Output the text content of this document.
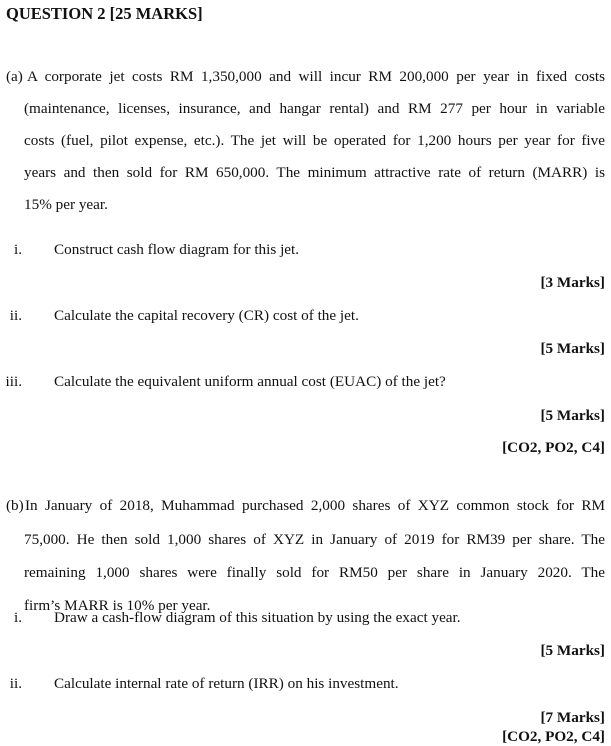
QUESTION 2 [25 MARKS]
(a) A corporate jet costs RM 1,350,000 and will incur RM 200,000 per year in fixed costs
(maintenance, licenses, insurance, and hangar rental) and RM 277 per hour in variable
costs (fuel, pilot expense, etc.). The jet will be operated for 1,200 hours per year for five
years and then sold for RM 650,000. The minimum attractive rate of return (MARR) is
15% per year.
i. Construct cash flow diagram for this jet.
[3 Marks]
ii. Calculate the capital recovery (CR) cost of the jet.
[5 Marks]
iii. Calculate the equivalent uniform annual cost (EUAC) of the jet?
[5 Marks]
[CO2, PO2, C4]
(b) In January of 2018, Muhammad purchased 2,000 shares of XYZ common stock for RM
75,000. He then sold 1,000 shares of XYZ in January of 2019 for RM39 per share. The
remaining 1,000 shares were finally sold for RM50 per share in January 2020. The
firm’s MARR is 10% per year.
i. Draw a cash-flow diagram of this situation by using the exact year.
[5 Marks]
ii. Calculate internal rate of return (IRR) on his investment.
[7 Marks]
[CO2, PO2, C4]
